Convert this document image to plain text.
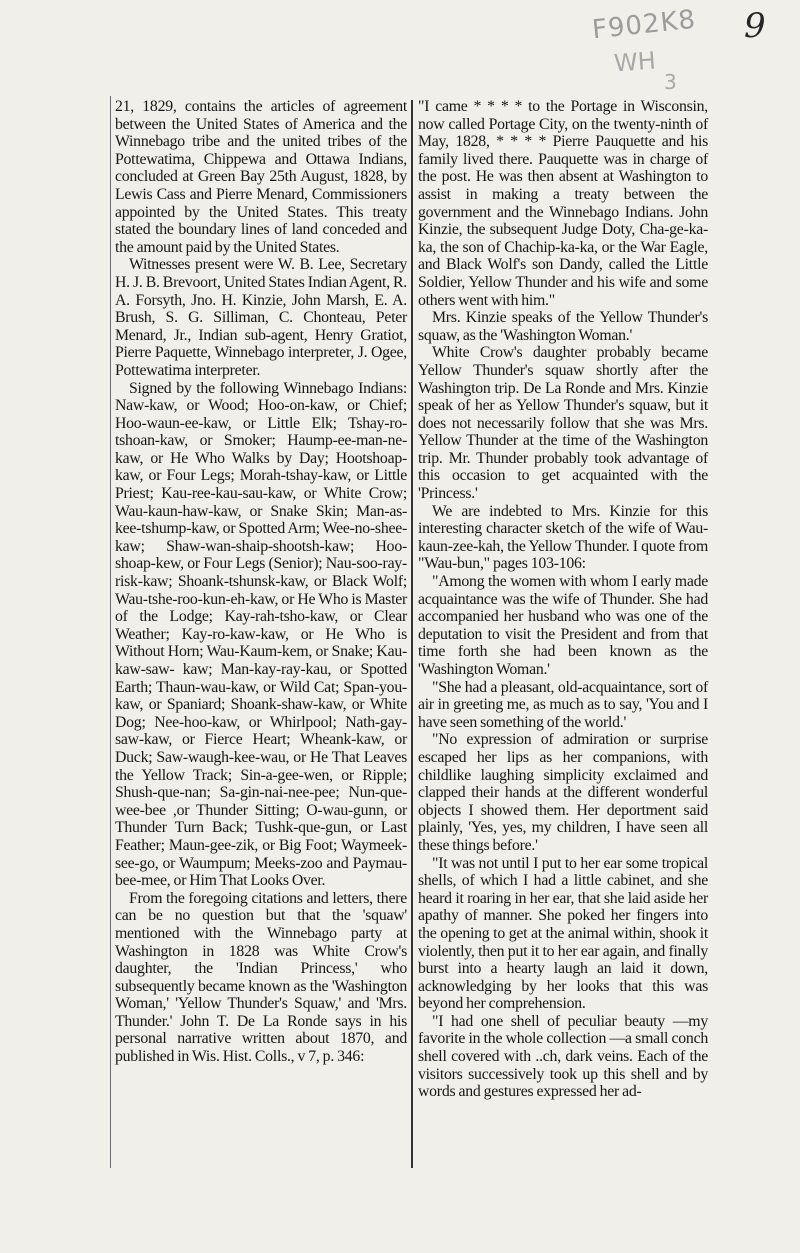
F902K8
WH
3
9

21, 1829, contains the articles of agreement between the United States of America and the Winnebago tribe and the united tribes of the Pottewatima, Chippewa and Ottawa Indians, concluded at Green Bay 25th August, 1828, by Lewis Cass and Pierre Menard, Commissioners appointed by the United States. This treaty stated the boundary lines of land conceded and the amount paid by the United States.

Witnesses present were W. B. Lee, Secretary H. J. B. Brevoort, United States Indian Agent, R. A. Forsyth, Jno. H. Kinzie, John Marsh, E. A. Brush, S. G. Silliman, C. Chonteau, Peter Menard, Jr., Indian sub-agent, Henry Gratiot, Pierre Paquette, Winnebago interpreter, J. Ogee, Pottewatima interpreter.

Signed by the following Winnebago Indians: Naw-kaw, or Wood; Hoo-on-kaw, or Chief; Hoo-waun-ee-kaw, or Little Elk; Tshay-ro-tshoan-kaw, or Smoker; Haump-ee-man-ne-kaw, or He Who Walks by Day; Hootshoap-kaw, or Four Legs; Morah-tshay-kaw, or Little Priest; Kau-ree-kau-sau-kaw, or White Crow; Wau-kaun-haw-kaw, or Snake Skin; Man-as-kee-tshump-kaw, or Spotted Arm; Wee-no-shee-kaw; Shaw-wan-shaip-shootsh-kaw; Hoo-shoap-kew, or Four Legs (Senior); Nau-soo-ray-risk-kaw; Shoank-tshunsk-kaw, or Black Wolf; Wau-tshe-roo-kun-eh-kaw, or He Who is Master of the Lodge; Kay-rah-tsho-kaw, or Clear Weather; Kay-ro-kaw-kaw, or He Who is Without Horn; Wau-Kaum-kem, or Snake; Kau-kaw-saw- kaw; Man-kay-ray-kau, or Spotted Earth; Thaun-wau-kaw, or Wild Cat; Span-you-kaw, or Spaniard; Shoank-shaw-kaw, or White Dog; Nee-hoo-kaw, or Whirlpool; Nath-gay-saw-kaw, or Fierce Heart; Wheank-kaw, or Duck; Saw-waugh-kee-wau, or He That Leaves the Yellow Track; Sin-a-gee-wen, or Ripple; Shush-que-nan; Sa-gin-nai-nee-pee; Nun-que-wee-bee ,or Thunder Sitting; O-wau-gunn, or Thunder Turn Back; Tushk-que-gun, or Last Feather; Maun-gee-zik, or Big Foot; Waymeek-see-go, or Waumpum; Meeks-zoo and Paymau-bee-mee, or Him That Looks Over.

From the foregoing citations and letters, there can be no question but that the 'squaw' mentioned with the Winnebago party at Washington in 1828 was White Crow's daughter, the 'Indian Princess,' who subsequently became known as the 'Washington Woman,' 'Yellow Thunder's Squaw,' and 'Mrs. Thunder.' John T. De La Ronde says in his personal narrative written about 1870, and published in Wis. Hist. Colls., v 7, p. 346:

"I came * * * * to the Portage in Wisconsin, now called Portage City, on the twenty-ninth of May, 1828, * * * * Pierre Pauquette and his family lived there. Pauquette was in charge of the post. He was then absent at Washington to assist in making a treaty between the government and the Winnebago Indians. John Kinzie, the subsequent Judge Doty, Cha-ge-ka-ka, the son of Chachip-ka-ka, or the War Eagle, and Black Wolf's son Dandy, called the Little Soldier, Yellow Thunder and his wife and some others went with him."

Mrs. Kinzie speaks of the Yellow Thunder's squaw, as the 'Washington Woman.'

White Crow's daughter probably became Yellow Thunder's squaw shortly after the Washington trip. De La Ronde and Mrs. Kinzie speak of her as Yellow Thunder's squaw, but it does not necessarily follow that she was Mrs. Yellow Thunder at the time of the Washington trip. Mr. Thunder probably took advantage of this occasion to get acquainted with the 'Princess.'

We are indebted to Mrs. Kinzie for this interesting character sketch of the wife of Wau-kaun-zee-kah, the Yellow Thunder. I quote from "Wau-bun," pages 103-106:

"Among the women with whom I early made acquaintance was the wife of Thunder. She had accompanied her husband who was one of the deputation to visit the President and from that time forth she had been known as the 'Washington Woman.'

"She had a pleasant, old-acquaintance, sort of air in greeting me, as much as to say, 'You and I have seen something of the world.'

"No expression of admiration or surprise escaped her lips as her companions, with childlike laughing simplicity exclaimed and clapped their hands at the different wonderful objects I showed them. Her deportment said plainly, 'Yes, yes, my children, I have seen all these things before.'

"It was not until I put to her ear some tropical shells, of which I had a little cabinet, and she heard it roaring in her ear, that she laid aside her apathy of manner. She poked her fingers into the opening to get at the animal within, shook it violently, then put it to her ear again, and finally burst into a hearty laugh an laid it down, acknowledging by her looks that this was beyond her comprehension.

"I had one shell of peculiar beauty —my favorite in the whole collection —a small conch shell covered with ..ch, dark veins. Each of the visitors successively took up this shell and by words and gestures expressed her ad-
